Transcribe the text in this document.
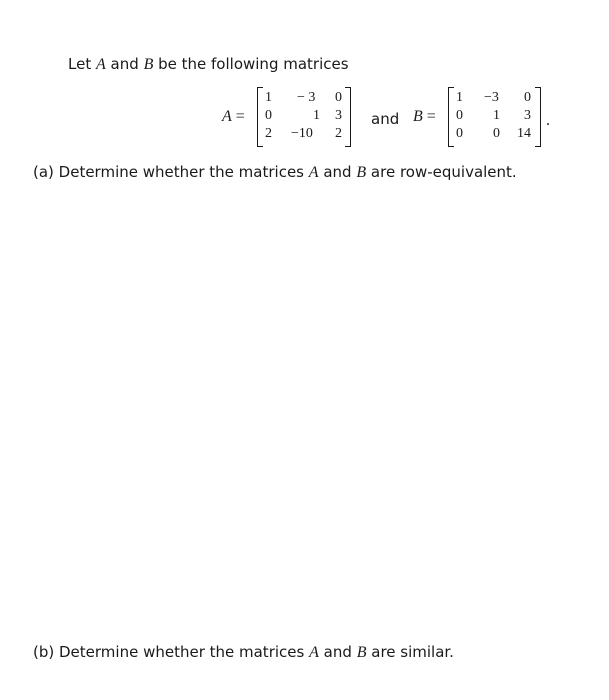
Let A and B be the following matrices
A =
1 − 3 0
0	1 3
2 −10 2
and B =
1 −3 0
0 1 3
0 0 14
.
(a) Determine whether the matrices A and B are row-equivalent.
(b) Determine whether the matrices A and B are similar.
